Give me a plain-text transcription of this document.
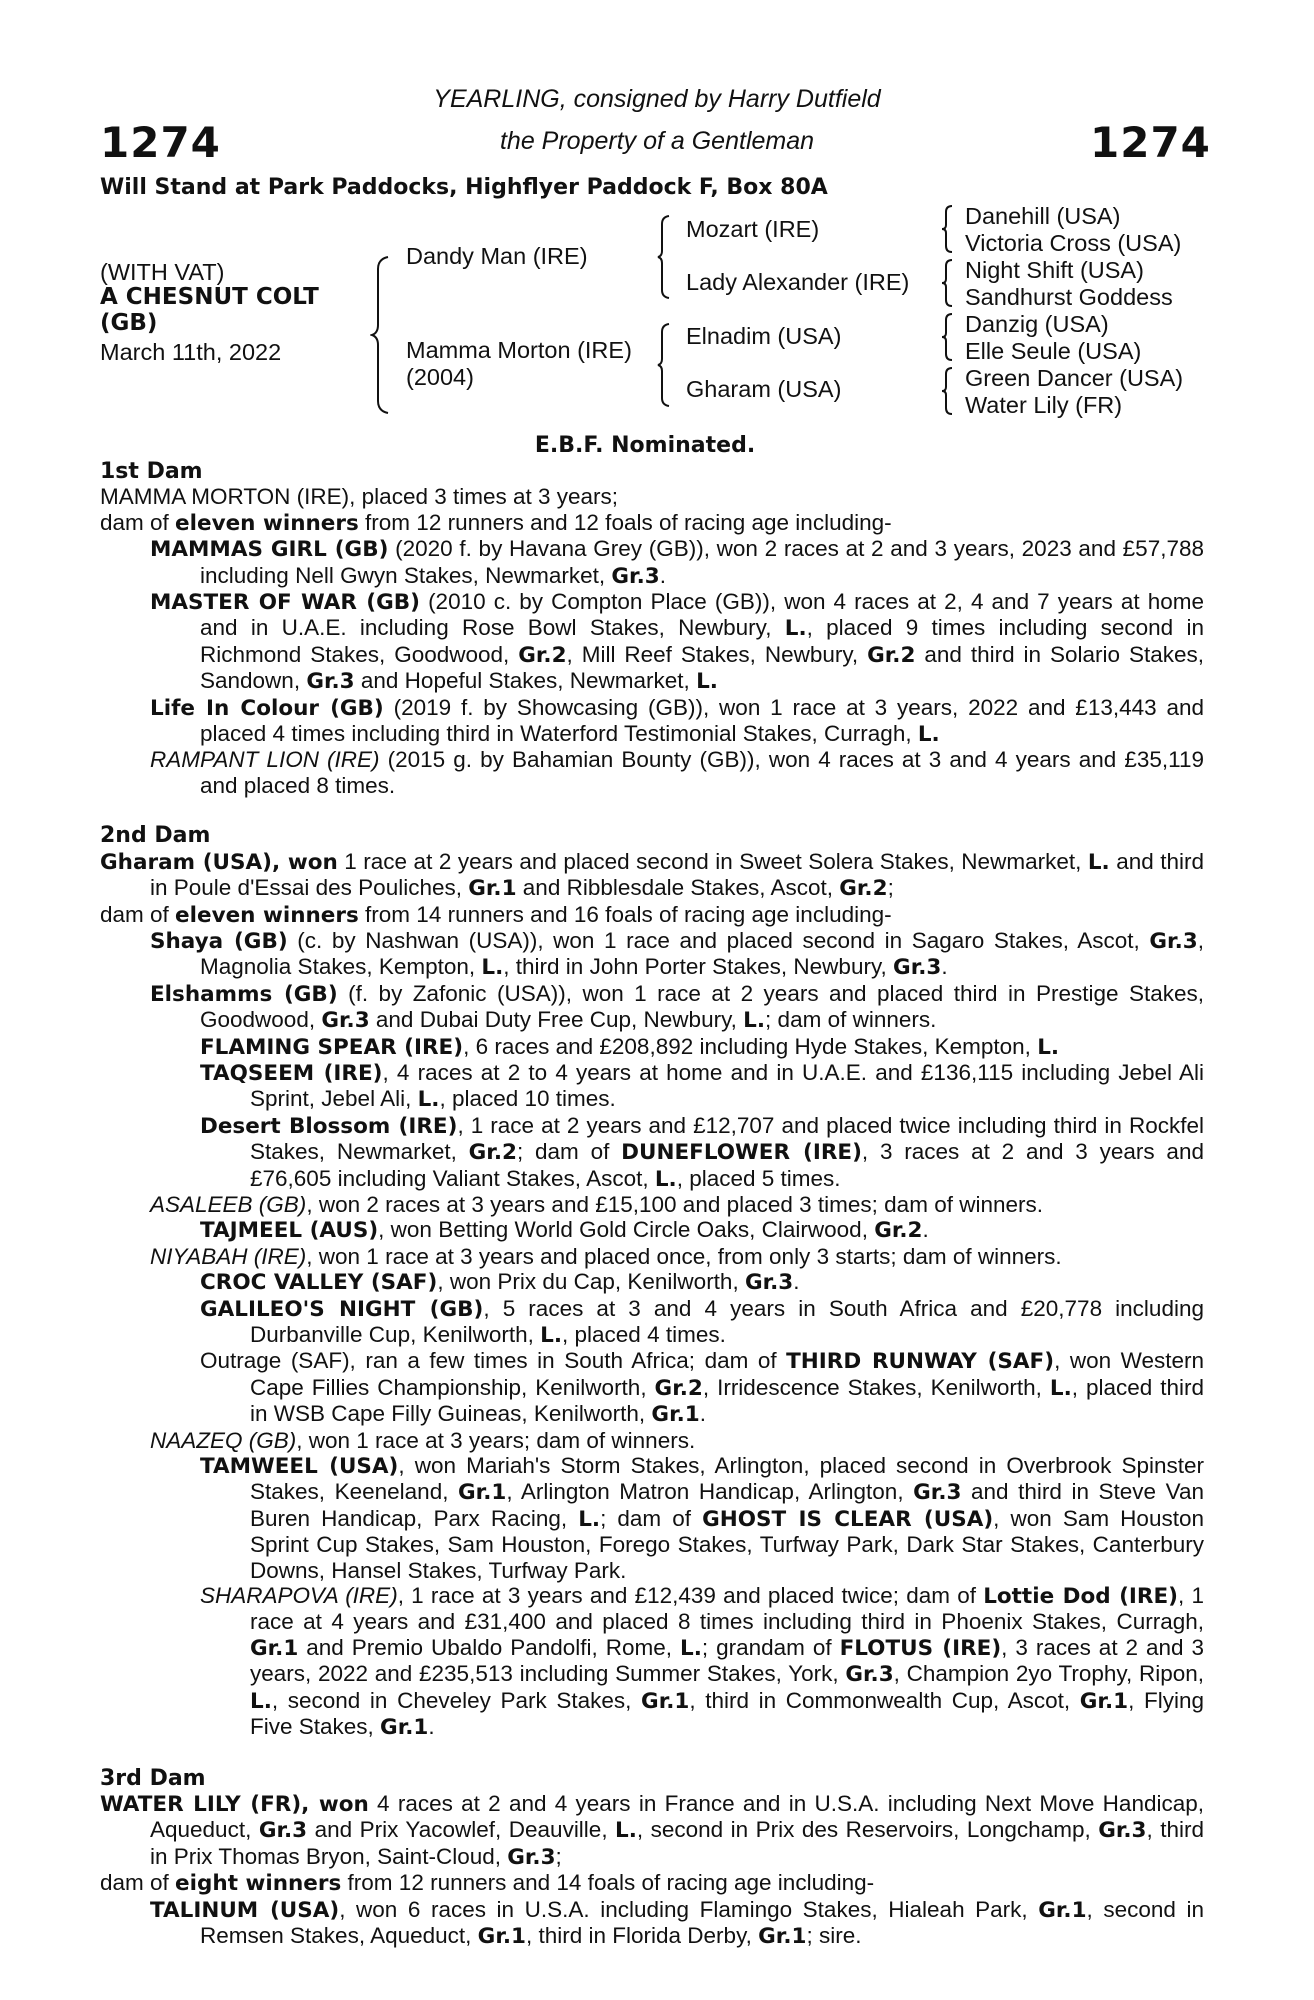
1274	1274
YEARLING, consigned by Harry Dutfield
the Property of a Gentleman
Will Stand at Park Paddocks, Highflyer Paddock F, Box 80A
(WITH VAT)
A CHESNUT COLT
(GB)
March 11th, 2022
Dandy Man (IRE)
Mamma Morton (IRE)
(2004)
Mozart (IRE)
Lady Alexander (IRE)
Elnadim (USA)
Gharam (USA)
Danehill (USA)
Victoria Cross (USA)
Night Shift (USA)
Sandhurst Goddess
Danzig (USA)
Elle Seule (USA)
Green Dancer (USA)
Water Lily (FR)
E.B.F. Nominated.
1st Dam
MAMMA MORTON (IRE), placed 3 times at 3 years;
dam of eleven winners from 12 runners and 12 foals of racing age including-
MAMMAS GIRL (GB) (2020 f. by Havana Grey (GB)), won 2 races at 2 and 3 years, 2023 and £57,788 including Nell Gwyn Stakes, Newmarket, Gr.3.
MASTER OF WAR (GB) (2010 c. by Compton Place (GB)), won 4 races at 2, 4 and 7 years at home and in U.A.E. including Rose Bowl Stakes, Newbury, L., placed 9 times including second in Richmond Stakes, Goodwood, Gr.2, Mill Reef Stakes, Newbury, Gr.2 and third in Solario Stakes, Sandown, Gr.3 and Hopeful Stakes, Newmarket, L.
Life In Colour (GB) (2019 f. by Showcasing (GB)), won 1 race at 3 years, 2022 and £13,443 and placed 4 times including third in Waterford Testimonial Stakes, Curragh, L.
RAMPANT LION (IRE) (2015 g. by Bahamian Bounty (GB)), won 4 races at 3 and 4 years and £35,119 and placed 8 times.
2nd Dam
Gharam (USA), won 1 race at 2 years and placed second in Sweet Solera Stakes, Newmarket, L. and third in Poule d'Essai des Pouliches, Gr.1 and Ribblesdale Stakes, Ascot, Gr.2;
dam of eleven winners from 14 runners and 16 foals of racing age including-
Shaya (GB) (c. by Nashwan (USA)), won 1 race and placed second in Sagaro Stakes, Ascot, Gr.3, Magnolia Stakes, Kempton, L., third in John Porter Stakes, Newbury, Gr.3.
Elshamms (GB) (f. by Zafonic (USA)), won 1 race at 2 years and placed third in Prestige Stakes, Goodwood, Gr.3 and Dubai Duty Free Cup, Newbury, L.; dam of winners.
FLAMING SPEAR (IRE), 6 races and £208,892 including Hyde Stakes, Kempton, L.
TAQSEEM (IRE), 4 races at 2 to 4 years at home and in U.A.E. and £136,115 including Jebel Ali Sprint, Jebel Ali, L., placed 10 times.
Desert Blossom (IRE), 1 race at 2 years and £12,707 and placed twice including third in Rockfel Stakes, Newmarket, Gr.2; dam of DUNEFLOWER (IRE), 3 races at 2 and 3 years and £76,605 including Valiant Stakes, Ascot, L., placed 5 times.
ASALEEB (GB), won 2 races at 3 years and £15,100 and placed 3 times; dam of winners.
TAJMEEL (AUS), won Betting World Gold Circle Oaks, Clairwood, Gr.2.
NIYABAH (IRE), won 1 race at 3 years and placed once, from only 3 starts; dam of winners.
CROC VALLEY (SAF), won Prix du Cap, Kenilworth, Gr.3.
GALILEO'S NIGHT (GB), 5 races at 3 and 4 years in South Africa and £20,778 including Durbanville Cup, Kenilworth, L., placed 4 times.
Outrage (SAF), ran a few times in South Africa; dam of THIRD RUNWAY (SAF), won Western Cape Fillies Championship, Kenilworth, Gr.2, Irridescence Stakes, Kenilworth, L., placed third in WSB Cape Filly Guineas, Kenilworth, Gr.1.
NAAZEQ (GB), won 1 race at 3 years; dam of winners.
TAMWEEL (USA), won Mariah's Storm Stakes, Arlington, placed second in Overbrook Spinster Stakes, Keeneland, Gr.1, Arlington Matron Handicap, Arlington, Gr.3 and third in Steve Van Buren Handicap, Parx Racing, L.; dam of GHOST IS CLEAR (USA), won Sam Houston Sprint Cup Stakes, Sam Houston, Forego Stakes, Turfway Park, Dark Star Stakes, Canterbury Downs, Hansel Stakes, Turfway Park.
SHARAPOVA (IRE), 1 race at 3 years and £12,439 and placed twice; dam of Lottie Dod (IRE), 1 race at 4 years and £31,400 and placed 8 times including third in Phoenix Stakes, Curragh, Gr.1 and Premio Ubaldo Pandolfi, Rome, L.; grandam of FLOTUS (IRE), 3 races at 2 and 3 years, 2022 and £235,513 including Summer Stakes, York, Gr.3, Champion 2yo Trophy, Ripon, L., second in Cheveley Park Stakes, Gr.1, third in Commonwealth Cup, Ascot, Gr.1, Flying Five Stakes, Gr.1.
3rd Dam
WATER LILY (FR), won 4 races at 2 and 4 years in France and in U.S.A. including Next Move Handicap, Aqueduct, Gr.3 and Prix Yacowlef, Deauville, L., second in Prix des Reservoirs, Longchamp, Gr.3, third in Prix Thomas Bryon, Saint-Cloud, Gr.3;
dam of eight winners from 12 runners and 14 foals of racing age including-
TALINUM (USA), won 6 races in U.S.A. including Flamingo Stakes, Hialeah Park, Gr.1, second in Remsen Stakes, Aqueduct, Gr.1, third in Florida Derby, Gr.1; sire.
